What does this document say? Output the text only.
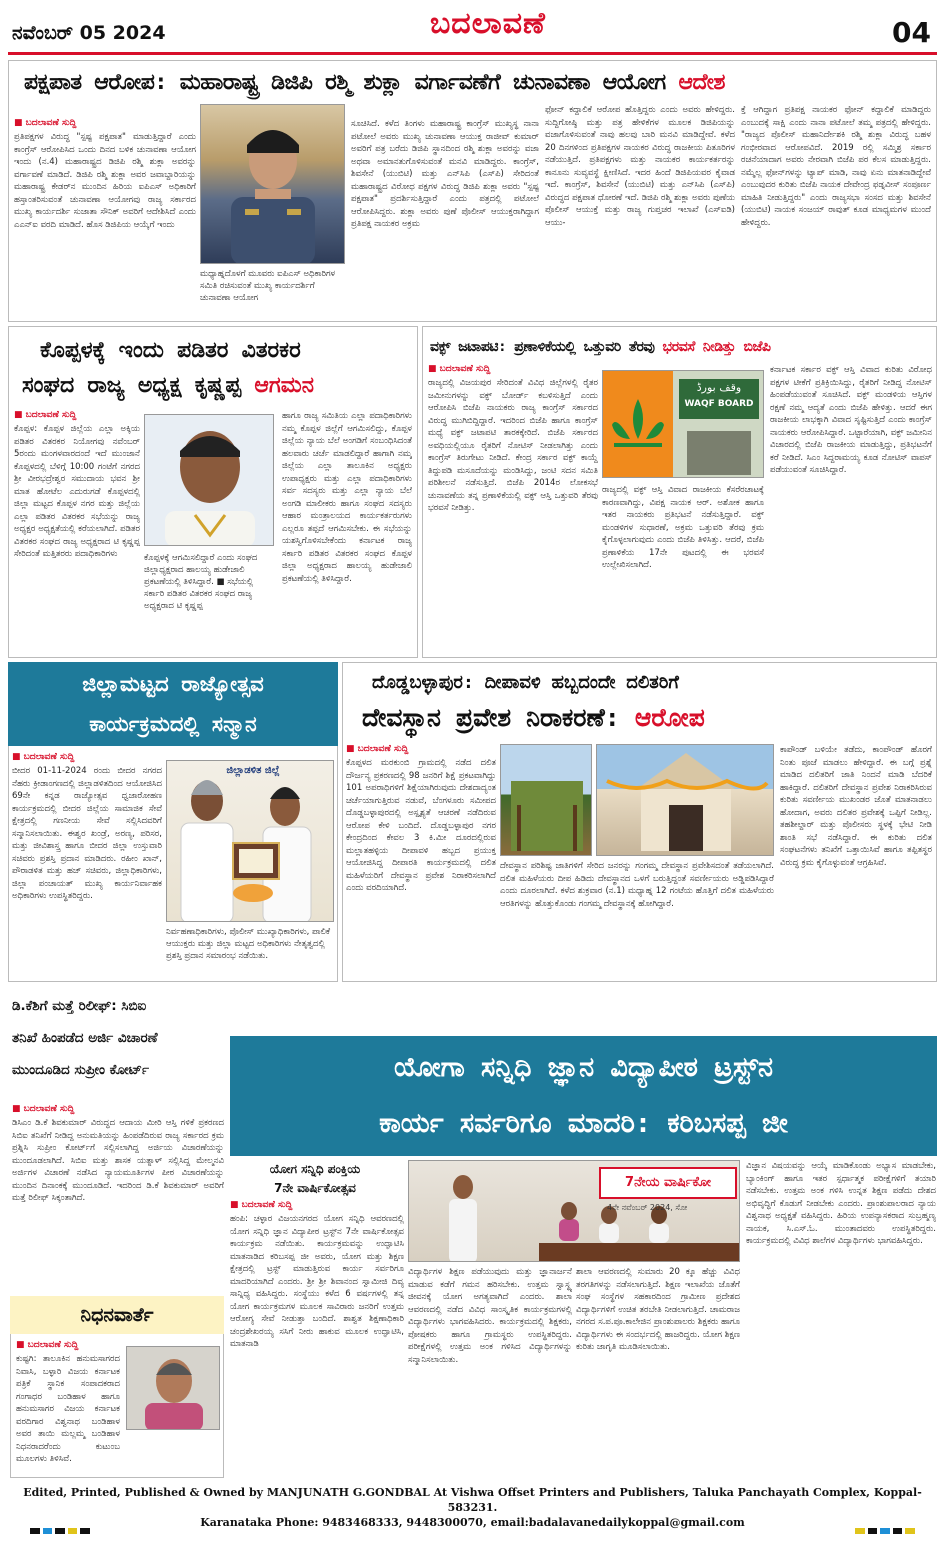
ನವೆಂಬರ್ 05 2024	ಬದಲಾವಣೆ	04
ಪಕ್ಷಪಾತ ಆರೋಪ: ಮಹಾರಾಷ್ಟ್ರ ಡಿಜಿಪಿ ರಶ್ಮಿ ಶುಕ್ಲಾ ವರ್ಗಾವಣೆಗೆ ಚುನಾವಣಾ ಆಯೋಗ ಆದೇಶ
■ ಬದಲಾವಣೆ ಸುದ್ದಿ
ಪ್ರತಿಪಕ್ಷಗಳ ವಿರುದ್ಧ "ಸ್ಪಷ್ಟ ಪಕ್ಷಪಾತ" ಮಾಡುತ್ತಿದ್ದಾರೆ ಎಂದು ಕಾಂಗ್ರೆಸ್ ಆರೋಪಿಸಿದ ಒಂದು ದಿನದ ಬಳಿಕ ಚುನಾವಣಾ ಆಯೋಗ ಇಂದು (ನ.4) ಮಹಾರಾಷ್ಟ್ರದ ಡಿಜಿಪಿ ರಶ್ಮಿ ಶುಕ್ಲಾ ಅವರನ್ನು ವರ್ಗಾವಣೆ ಮಾಡಿದೆ. ಡಿಜಿಪಿ ರಶ್ಮಿ ಶುಕ್ಲಾ ಅವರ ಜವಾಬ್ದಾರಿಯನ್ನು ಮಹಾರಾಷ್ಟ್ರ ಕೇಡರ್‌ನ ಮುಂದಿನ ಹಿರಿಯ ಐಪಿಎಸ್ ಅಧಿಕಾರಿಗೆ ಹಸ್ತಾಂತರಿಸುವಂತೆ ಚುನಾವಣಾ ಆಯೋಗವು ರಾಜ್ಯ ಸರ್ಕಾರದ ಮುಖ್ಯ ಕಾರ್ಯದರ್ಶಿ ಸುಜಾತಾ ಸೌನಿಕ್ ಅವರಿಗೆ ಆದೇಶಿಸಿದೆ ಎಂದು ಎಎನ್ಐ ವರದಿ ಮಾಡಿದೆ. ಹೊಸ ಡಿಜಿಪಿಯ ಆಯ್ಕೆಗೆ ಇಂದು
ಮಧ್ಯಾಹ್ನದೊಳಗೆ ಮೂವರು ಐಪಿಎಸ್ ಅಧಿಕಾರಿಗಳ ಸಮಿತಿ ರಚಿಸುವಂತೆ ಮುಖ್ಯ ಕಾರ್ಯದರ್ಶಿಗೆ ಚುನಾವಣಾ ಆಯೋಗ
ಸೂಚಿಸಿದೆ. ಕಳೆದ ತಿಂಗಳು ಮಹಾರಾಷ್ಟ್ರ ಕಾಂಗ್ರೆಸ್ ಮುಖ್ಯಸ್ಥ ನಾನಾ ಪಟೋಲೆ ಅವರು ಮುಖ್ಯ ಚುನಾವಣಾ ಆಯುಕ್ತ ರಾಜೀವ್ ಕುಮಾರ್ ಅವರಿಗೆ ಪತ್ರ ಬರೆದು ಡಿಜಿಪಿ ಸ್ಥಾನದಿಂದ ರಶ್ಮಿ ಶುಕ್ಲಾ ಅವರನ್ನು ವಜಾ ಅಥವಾ ಅಮಾನತುಗೊಳಿಸುವಂತೆ ಮನವಿ ಮಾಡಿದ್ದರು. ಕಾಂಗ್ರೆಸ್, ಶಿವಸೇನೆ (ಯುಬಿಟಿ) ಮತ್ತು ಎನ್‌ಸಿಪಿ (ಎಸ್‌ಪಿ) ಸೇರಿದಂತೆ ಮಹಾರಾಷ್ಟ್ರದ ವಿರೋಧ ಪಕ್ಷಗಳ ವಿರುದ್ಧ ಡಿಜಿಪಿ ಶುಕ್ಲಾ ಅವರು "ಸ್ಪಷ್ಟ ಪಕ್ಷಪಾತ" ಪ್ರದರ್ಶಿಸುತ್ತಿದ್ದಾರೆ ಎಂದು ಪತ್ರದಲ್ಲಿ ಪಟೋಲೆ ಆರೋಪಿಸಿದ್ದರು. ಶುಕ್ಲಾ ಅವರು ಪುಣೆ ಪೊಲೀಸ್ ಆಯುಕ್ತರಾಗಿದ್ದಾಗ ಪ್ರತಿಪಕ್ಷ ನಾಯಕರ ಅಕ್ರಮ
ಫೋನ್ ಕದ್ದಾಲಿಕೆ ಆರೋಪ ಹೊತ್ತಿದ್ದರು ಎಂದು ಅವರು ಹೇಳಿದ್ದರು. ಸುದ್ದಿಗೋಷ್ಠಿ ಮತ್ತು ಪತ್ರ ಹೇಳಿಕೆಗಳ ಮೂಲಕ ಡಿಜಿಪಿಯನ್ನು ವಜಾಗೊಳಿಸುವಂತೆ ನಾವು ಹಲವು ಬಾರಿ ಮನವಿ ಮಾಡಿದ್ದೇವೆ. ಕಳೆದ 20 ದಿನಗಳಿಂದ ಪ್ರತಿಪಕ್ಷಗಳ ನಾಯಕರ ವಿರುದ್ಧ ರಾಜಕೀಯ ಪಿತೂರಿಗಳ ನಡೆಯುತ್ತಿದೆ. ಪ್ರತಿಪಕ್ಷಗಳು ಮತ್ತು ನಾಯಕರ ಕಾರ್ಯಕರ್ತರನ್ನು ಕಾನೂನು ಸುವ್ಯವಸ್ಥೆ ಕ್ಷೀಣಿಸಿದೆ. ಇದರ ಹಿಂದೆ ಡಿಜಿಪಿಯವರ ಕೈವಾಡ ಇದೆ. ಕಾಂಗ್ರೆಸ್, ಶಿವಸೇನೆ (ಯುಬಿಟಿ) ಮತ್ತು ಎನ್‌ಸಿಪಿ (ಎಸ್‌ಪಿ) ವಿರುದ್ಧದ ಪಕ್ಷಪಾತ ಧೋರಣೆ ಇದೆ. ಡಿಜಿಪಿ ರಶ್ಮಿ ಶುಕ್ಲಾ ಅವರು ಪುಣೆಯ ಪೊಲೀಸ್ ಆಯುಕ್ತೆ ಮತ್ತು ರಾಜ್ಯ ಗುಪ್ತಚರ ಇಲಾಖೆ (ಎಸ್‌ಐಡಿ) ಆಯು-
ಕ್ತೆ ಆಗಿದ್ದಾಗ ಪ್ರತಿಪಕ್ಷ ನಾಯಕರ ಫೋನ್ ಕದ್ದಾಲಿಕೆ ಮಾಡಿದ್ದರು ಎಂಬುದಕ್ಕೆ ಸಾಕ್ಷಿ ಎಂದು ನಾನಾ ಪಟೋಲೆ ತಮ್ಮ ಪತ್ರದಲ್ಲಿ ಹೇಳಿದ್ದರು. "ರಾಜ್ಯದ ಪೊಲೀಸ್ ಮಹಾನಿರ್ದೇಶಕಿ ರಶ್ಮಿ ಶುಕ್ಲಾ ವಿರುದ್ಧ ಬಹಳ ಗಂಭೀರವಾದ ಆರೋಪವಿದೆ. 2019 ರಲ್ಲಿ ಸಮ್ಮಿಶ್ರ ಸರ್ಕಾರ ರಚನೆಯಾದಾಗ ಅವರು ನೇರವಾಗಿ ಬಿಜೆಪಿ ಪರ ಕೆಲಸ ಮಾಡುತ್ತಿದ್ದರು. ನಮ್ಮೆಲ್ಲ ಫೋನ್‌ಗಳನ್ನು ಟ್ಯಾಪ್ ಮಾಡಿ, ನಾವು ಏನು ಮಾತನಾಡಿದ್ದೇವೆ ಎಂಬುವುದರ ಕುರಿತು ಬಿಜೆಪಿ ನಾಯಕ ದೇವೇಂದ್ರ ಫಡ್ನವೀಸ್ ಸಂಪೂರ್ಣ ಮಾಹಿತಿ ನೀಡುತ್ತಿದ್ದರು" ಎಂದು ರಾಜ್ಯಸಭಾ ಸಂಸದ ಮತ್ತು ಶಿವಸೇನೆ (ಯುಬಿಟಿ) ನಾಯಕ ಸಂಜಯ್ ರಾವುತ್ ಕೂಡ ಮಾಧ್ಯಮಗಳ ಮುಂದೆ ಹೇಳಿದ್ದರು.
ಕೊಪ್ಪಳಕ್ಕೆ ಇಂದು ಪಡಿತರ ವಿತರಕರ
ಸಂಘದ ರಾಜ್ಯ ಅಧ್ಯಕ್ಷ ಕೃಷ್ಣಪ್ಪ ಆಗಮನ
■ ಬದಲಾವಣೆ ಸುದ್ದಿ
ಕೊಪ್ಪಳ: ಕೊಪ್ಪಳ ಜಿಲ್ಲೆಯ ಎಲ್ಲಾ ಅಕ್ಕಿಯ ಪಡಿತರ ವಿತರಕರ ನಿಯೋಗವು ನವೆಂಬರ್ 5ರಂದು ಮಂಗಳವಾರದಂದೆ ಇದೆ ಮುಂಜಾನೆ ಕೊಪ್ಪಳದಲ್ಲಿ ಬೆಳಿಗ್ಗೆ 10:00 ಗಂಟೆಗೆ ನಗರದ ಶ್ರೀ ವೀರಭದ್ರೇಶ್ವರ ಸಮುದಾಯ ಭವನ ಶ್ರೀ ಮಾತ ಹೋಟೆಲ ಎದುರುಗಡೆ ಕೊಪ್ಪಳದಲ್ಲಿ ಜಿಲ್ಲಾ ಮಟ್ಟದ ಕೊಪ್ಪಳ ನಗರ ಮತ್ತು ಜಿಲ್ಲೆಯ ಎಲ್ಲಾ ಪಡಿತರ ವಿತರಕರ ಸಭೆಯನ್ನು ರಾಜ್ಯ ಅಧ್ಯಕ್ಷರ ಅಧ್ಯಕ್ಷತೆಯಲ್ಲಿ ಕರೆಯಲಾಗಿದೆ. ಪಡಿತರ ವಿತರಕರ ಸಂಘದ ರಾಜ್ಯ ಅಧ್ಯಕ್ಷರಾದ ಟಿ ಕೃಷ್ಣಪ್ಪ ಸೇರಿದಂತೆ ಮತ್ತಿತರರು ಪದಾಧಿಕಾರಿಗಳು	ಕೊಪ್ಪಳಕ್ಕೆ ಆಗಮಿಸಲಿದ್ದಾರೆ ಎಂದು ಸಂಘದ ಜಿಲ್ಲಾಧ್ಯಕ್ಷರಾದ ಹಾಲಯ್ಯ ಹುಡೇಜಾಲಿ ಪ್ರಕಟಣೆಯಲ್ಲಿ ತಿಳಿಸಿದ್ದಾರೆ. ■ ಸಭೆಯಲ್ಲಿ ಸರ್ಕಾರಿ ಪಡಿತರ ವಿತರಕರ ಸಂಘದ ರಾಜ್ಯ ಅಧ್ಯಕ್ಷರಾದ ಟಿ ಕೃಷ್ಣಪ್ಪ
ಹಾಗೂ ರಾಜ್ಯ ಸಮಿತಿಯ ಎಲ್ಲಾ ಪದಾಧಿಕಾರಿಗಳು ನಮ್ಮ ಕೊಪ್ಪಳ ಜಿಲ್ಲೆಗೆ ಆಗಮಿಸಲಿದ್ದು, ಕೊಪ್ಪಳ ಜಿಲ್ಲೆಯ ನ್ಯಾಯ ಬೆಲೆ ಅಂಗಡಿಗೆ ಸಂಬಂಧಿಸಿದಂತೆ ಹಲವಾರು ಚರ್ಚೆ ಮಾಡಲಿದ್ದಾರೆ ಹಾಗಾಗಿ ನಮ್ಮ ಜಿಲ್ಲೆಯ ಎಲ್ಲಾ ತಾಲೂಕಿನ ಅಧ್ಯಕ್ಷರು ಉಪಾಧ್ಯಕ್ಷರು ಮತ್ತು ಎಲ್ಲಾ ಪದಾಧಿಕಾರಿಗಳು ಸರ್ವ ಸದಸ್ಯರು ಮತ್ತು ಎಲ್ಲಾ ನ್ಯಾಯ ಬೆಲೆ ಅಂಗಡಿ ಮಾಲೀಕರು ಹಾಗೂ ಸಂಘದ ಸದಸ್ಯರು ಆಹಾರ ಮಂತ್ರಾಲಯದ ಕಾರ್ಯಕರ್ತರುಗಳು ಎಲ್ಲರೂ ತಪ್ಪದೆ ಆಗಮಿಸಬೇಕು. ಈ ಸಭೆಯನ್ನು ಯಶಸ್ವಿಗೊಳಿಸಬೇಕೆಂದು ಕರ್ನಾಟಕ ರಾಜ್ಯ ಸರ್ಕಾರಿ ಪಡಿತರ ವಿತರಕರ ಸಂಘದ ಕೊಪ್ಪಳ ಜಿಲ್ಲಾ ಅಧ್ಯಕ್ಷರಾದ ಹಾಲಯ್ಯ ಹುಡೇಜಾಲಿ ಪ್ರಕಟಣೆಯಲ್ಲಿ ತಿಳಿಸಿದ್ದಾರೆ.
ವಕ್ಫ್ ಜಟಾಪಟಿ: ಪ್ರಣಾಳಿಕೆಯಲ್ಲಿ ಒತ್ತುವರಿ ತೆರವು ಭರವಸೆ ನೀಡಿತ್ತು ಬಿಜೆಪಿ
■ ಬದಲಾವಣೆ ಸುದ್ದಿ
ರಾಜ್ಯದಲ್ಲಿ ವಿಜಯಪುರ ಸೇರಿದಂತೆ ವಿವಿಧ ಜಿಲ್ಲೆಗಳಲ್ಲಿ ರೈತರ ಜಮೀನುಗಳನ್ನು ವಕ್ಫ್ ಬೋರ್ಡ್ ಕಬಳಿಸುತ್ತಿದೆ ಎಂದು ಆರೋಪಿಸಿ ಬಿಜೆಪಿ ನಾಯಕರು ರಾಜ್ಯ ಕಾಂಗ್ರೆಸ್ ಸರ್ಕಾರದ ವಿರುದ್ಧ ಮುಗಿಬಿದ್ದಿದ್ದಾರೆ. ಇದರಿಂದ ಬಿಜೆಪಿ ಹಾಗೂ ಕಾಂಗ್ರೆಸ್ ಮಧ್ಯೆ ವಕ್ಫ್ ಜಟಾಪಟಿ ತಾರಕಕ್ಕೇರಿದೆ. ಬಿಜೆಪಿ ಸರ್ಕಾರದ ಅವಧಿಯಲ್ಲಿಯೂ ರೈತರಿಗೆ ನೋಟಿಸ್ ನೀಡಲಾಗಿತ್ತು ಎಂದು ಕಾಂಗ್ರೆಸ್ ತಿರುಗೇಟು ನೀಡಿದೆ. ಕೇಂದ್ರ ಸರ್ಕಾರ ವಕ್ಫ್ ಕಾಯ್ದೆ ತಿದ್ದುಪಡಿ ಮಸೂದೆಯನ್ನು ಮಂಡಿಸಿದ್ದು, ಜಂಟಿ ಸದನ ಸಮಿತಿ ಪರಿಶೀಲನೆ ನಡೆಸುತ್ತಿದೆ. ಬಿಜೆಪಿ 2014ರ ಲೋಕಸಭೆ ಚುನಾವಣೆಯ ತನ್ನ ಪ್ರಣಾಳಿಕೆಯಲ್ಲಿ ವಕ್ಫ್ ಆಸ್ತಿ ಒತ್ತುವರಿ ತೆರವು ಭರವಸೆ ನೀಡಿತ್ತು.
وقف بورڈ
WAQF BOARD
ರಾಜ್ಯದಲ್ಲಿ ವಕ್ಫ್ ಆಸ್ತಿ ವಿವಾದ ರಾಜಕೀಯ ಕೆಸರೆರಚಾಟಕ್ಕೆ ಕಾರಣವಾಗಿದ್ದು, ವಿಪಕ್ಷ ನಾಯಕ ಆರ್. ಅಶೋಕ ಹಾಗೂ ಇತರ ನಾಯಕರು ಪ್ರತಿಭಟನೆ ನಡೆಸುತ್ತಿದ್ದಾರೆ. ವಕ್ಫ್ ಮಂಡಳಿಗಳ ಸುಧಾರಣೆ, ಅಕ್ರಮ ಒತ್ತುವರಿ ತೆರವು ಕ್ರಮ ಕೈಗೊಳ್ಳಲಾಗುವುದು ಎಂದು ಬಿಜೆಪಿ ತಿಳಿಸಿತ್ತು. ಆದರೆ, ಬಿಜೆಪಿ ಪ್ರಣಾಳಿಕೆಯ 17ನೇ ಪುಟದಲ್ಲಿ ಈ ಭರವಸೆ ಉಲ್ಲೇಖಿಸಲಾಗಿದೆ.
ಕರ್ನಾಟಕ ಸರ್ಕಾರ ವಕ್ಫ್ ಆಸ್ತಿ ವಿವಾದ ಕುರಿತು ವಿರೋಧ ಪಕ್ಷಗಳ ಟೀಕೆಗೆ ಪ್ರತಿಕ್ರಿಯಿಸಿದ್ದು, ರೈತರಿಗೆ ನೀಡಿದ್ದ ನೋಟಿಸ್ ಹಿಂಪಡೆಯುವಂತೆ ಸೂಚಿಸಿದೆ. ವಕ್ಫ್ ಮಂಡಳಿಯ ಆಸ್ತಿಗಳ ರಕ್ಷಣೆ ನಮ್ಮ ಆದ್ಯತೆ ಎಂದು ಬಿಜೆಪಿ ಹೇಳಿತ್ತು. ಆದರೆ ಈಗ ರಾಜಕೀಯ ಲಾಭಕ್ಕಾಗಿ ವಿವಾದ ಸೃಷ್ಟಿಸುತ್ತಿದೆ ಎಂದು ಕಾಂಗ್ರೆಸ್ ನಾಯಕರು ಆರೋಪಿಸಿದ್ದಾರೆ. ಒಟ್ಟಾರೆಯಾಗಿ, ವಕ್ಫ್ ಜಮೀನಿನ ವಿಚಾರದಲ್ಲಿ ಬಿಜೆಪಿ ರಾಜಕೀಯ ಮಾಡುತ್ತಿದ್ದು, ಪ್ರತಿಭಟನೆಗೆ ಕರೆ ನೀಡಿದೆ. ಸಿಎಂ ಸಿದ್ದರಾಮಯ್ಯ ಕೂಡ ನೋಟಿಸ್ ವಾಪಸ್ ಪಡೆಯುವಂತೆ ಸೂಚಿಸಿದ್ದಾರೆ.
ಜಿಲ್ಲಾಮಟ್ಟದ ರಾಜ್ಯೋತ್ಸವ
ಕಾರ್ಯಕ್ರಮದಲ್ಲಿ ಸನ್ಮಾನ
■ ಬದಲಾವಣೆ ಸುದ್ದಿ
ಬೀದರ 01-11-2024 ರಂದು ಬೀದರ ನಗರದ ನೆಹರು ಕ್ರೀಡಾಂಗಣದಲ್ಲಿ ಜಿಲ್ಲಾಡಳಿತದಿಂದ ಆಯೋಜಿಸಿದ 69ನೇ ಕನ್ನಡ ರಾಜ್ಯೋತ್ಸವ ಧ್ವಜಾರೋಹಣ ಕಾರ್ಯಕ್ರಮದಲ್ಲಿ ಬೀದರ ಜಿಲ್ಲೆಯ ಸಾಮಾಜಿಕ ಸೇವೆ ಕ್ಷೇತ್ರದಲ್ಲಿ ಗಣನೀಯ ಸೇವೆ ಸಲ್ಲಿಸಿದವರಿಗೆ ಸನ್ಮಾನಿಸಲಾಯಿತು. ಈಶ್ವರ ಖಂಡ್ರೆ, ಅರಣ್ಯ, ಪರಿಸರ, ಮತ್ತು ಜೀವಿಶಾಸ್ತ್ರ ಹಾಗೂ ಬೀದರ ಜಿಲ್ಲಾ ಉಸ್ತುವಾರಿ ಸಚಿವರು ಪ್ರಶಸ್ತಿ ಪ್ರದಾನ ಮಾಡಿದರು. ರಹೀಂ ಖಾನ್, ಪೌರಾಡಳಿತ ಮತ್ತು ಹಜ್ ಸಚಿವರು, ಜಿಲ್ಲಾಧಿಕಾರಿಗಳು, ಜಿಲ್ಲಾ ಪಂಚಾಯತ್ ಮುಖ್ಯ ಕಾರ್ಯನಿರ್ವಾಹಕ ಅಧಿಕಾರಿಗಳು ಉಪಸ್ಥಿತರಿದ್ದರು.
ಜಿಲ್ಲಾಡಳಿತ ಜಿಲ್ಲೆ
ನಿರ್ವಹಣಾಧಿಕಾರಿಗಳು, ಪೊಲೀಸ್ ಮುಖ್ಯಾಧಿಕಾರಿಗಳು, ಪಾಲಿಕೆ ಆಯುಕ್ತರು ಮತ್ತು ಜಿಲ್ಲಾ ಮಟ್ಟದ ಅಧಿಕಾರಿಗಳು ನೇತೃತ್ವದಲ್ಲಿ ಪ್ರಶಸ್ತಿ ಪ್ರದಾನ ಸಮಾರಂಭ ನಡೆಯಿತು.
ದೊಡ್ಡಬಳ್ಳಾಪುರ: ದೀಪಾವಳಿ ಹಬ್ಬದಂದೇ ದಲಿತರಿಗೆ
ದೇವಸ್ಥಾನ ಪ್ರವೇಶ ನಿರಾಕರಣೆ: ಆರೋಪ
■ ಬದಲಾವಣೆ ಸುದ್ದಿ
ಕೊಪ್ಪಳದ ಮರಕುಂಬಿ ಗ್ರಾಮದಲ್ಲಿ ನಡೆದ ದಲಿತ ದೌರ್ಜನ್ಯ ಪ್ರಕರಣದಲ್ಲಿ 98 ಜನರಿಗೆ ಶಿಕ್ಷೆ ಪ್ರಕಟವಾಗಿದ್ದು 101 ಅಪರಾಧಿಗಳಿಗೆ ಶಿಕ್ಷೆಯಾಗಿರುವುದು ದೇಶದಾದ್ಯಂತ ಚರ್ಚೆಯಾಗುತ್ತಿರುವ ನಡುವೆ, ಬೆಂಗಳೂರು ಸಮೀಪದ ದೊಡ್ಡಬಳ್ಳಾಪುರದಲ್ಲಿ ಅಸ್ಪೃಶ್ಯತೆ ಆಚರಣೆ ನಡೆದಿರುವ ಆರೋಪ ಕೇಳಿ ಬಂದಿದೆ. ದೊಡ್ಡಬಳ್ಳಾಪುರ ನಗರ ಕೇಂದ್ರದಿಂದ ಕೇವಲ 3 ಕಿ.ಮೀ ದೂರದಲ್ಲಿರುವ ಮಲ್ಲಾತಹಳ್ಳಿಯ ದೀಪಾವಳಿ ಹಬ್ಬದ ಪ್ರಯುಕ್ತ ಆಯೋಜಿಸಿದ್ದ ದೀಪಾರತಿ ಕಾರ್ಯಕ್ರಮದಲ್ಲಿ ದಲಿತ ಮಹಿಳೆಯರಿಗೆ ದೇವಸ್ಥಾನ ಪ್ರವೇಶ ನಿರಾಕರಿಸಲಾಗಿದೆ ಎಂದು ವರದಿಯಾಗಿದೆ.
ದೇವಸ್ಥಾನ ಪರಿಶಿಷ್ಟ ಜಾತಿಗಳಿಗೆ ಸೇರಿದ ಜನರನ್ನು ಗಂಗಮ್ಮ ದೇವಸ್ಥಾನ ಪ್ರವೇಶಿಸದಂತೆ ತಡೆಯಲಾಗಿದೆ. ದಲಿತ ಮಹಿಳೆಯರು ದೀಪ ಹಿಡಿದು ದೇವಸ್ಥಾನದ ಒಳಗೆ ಬರುತ್ತಿದ್ದಂತೆ ಸವರ್ಣೀಯರು ಅಡ್ಡಿಪಡಿಸಿದ್ದಾರೆ ಎಂದು ದೂರಲಾಗಿದೆ. ಕಳೆದ ಶುಕ್ರವಾರ (ನ.1) ಮಧ್ಯಾಹ್ನ 12 ಗಂಟೆಯ ಹೊತ್ತಿಗೆ ದಲಿತ ಮಹಿಳೆಯರು ಆರತಿಗಳನ್ನು ಹೊತ್ತುಕೊಂಡು ಗಂಗಮ್ಮ ದೇವಸ್ಥಾನಕ್ಕೆ ಹೋಗಿದ್ದಾರೆ.
ಕಾಪೌಂಡ್ ಬಳಿಯೇ ತಡೆದು, ಕಾಂಪೌಂಡ್ ಹೊರಗೆ ನಿಂತು ಪೂಜೆ ಮಾಡಲು ಹೇಳಿದ್ದಾರೆ. ಈ ಬಗ್ಗೆ ಪ್ರಶ್ನೆ ಮಾಡಿದ ದಲಿತರಿಗೆ ಜಾತಿ ನಿಂದನೆ ಮಾಡಿ ಬೆದರಿಕೆ ಹಾಕಿದ್ದಾರೆ. ದಲಿತರಿಗೆ ದೇವಸ್ಥಾನ ಪ್ರವೇಶ ನಿರಾಕರಿಸಿರುವ ಕುರಿತು ಸವರ್ಣೀಯ ಮುಖಂಡರ ಜೊತೆ ಮಾತನಾಡಲು ಹೋದಾಗ, ಅವರು ದಲಿತರ ಪ್ರವೇಶಕ್ಕೆ ಒಪ್ಪಿಗೆ ನೀಡಿಲ್ಲ. ತಹಶೀಲ್ದಾರ್ ಮತ್ತು ಪೊಲೀಸರು ಸ್ಥಳಕ್ಕೆ ಭೇಟಿ ನೀಡಿ ಶಾಂತಿ ಸಭೆ ನಡೆಸಿದ್ದಾರೆ. ಈ ಕುರಿತು ದಲಿತ ಸಂಘಟನೆಗಳು ತನಿಖೆಗೆ ಒತ್ತಾಯಿಸಿವೆ ಹಾಗೂ ತಪ್ಪಿತಸ್ಥರ ವಿರುದ್ಧ ಕ್ರಮ ಕೈಗೊಳ್ಳುವಂತೆ ಆಗ್ರಹಿಸಿವೆ.
ಡಿ.ಕೆಶಿಗೆ ಮತ್ತೆ ರಿಲೀಫ್: ಸಿಬಿಐ
ತನಿಖೆ ಹಿಂಪಡೆದ ಅರ್ಜಿ ವಿಚಾರಣೆ
ಮುಂದೂಡಿದ ಸುಪ್ರೀಂ ಕೋರ್ಟ್
■ ಬದಲಾವಣೆ ಸುದ್ದಿ
ಡಿಸಿಎಂ ಡಿ.ಕೆ ಶಿವಕುಮಾರ್ ವಿರುದ್ಧದ ಆದಾಯ ಮೀರಿ ಆಸ್ತಿ ಗಳಿಕೆ ಪ್ರಕರಣದ ಸಿಬಿಐ ತನಿಖೆಗೆ ನೀಡಿದ್ದ ಅನುಮತಿಯನ್ನು ಹಿಂಪಡೆದಿರುವ ರಾಜ್ಯ ಸರ್ಕಾರದ ಕ್ರಮ ಪ್ರಶ್ನಿಸಿ ಸುಪ್ರೀಂ ಕೋರ್ಟ್‌ಗೆ ಸಲ್ಲಿಸಲಾಗಿದ್ದ ಅರ್ಜಿಯ ವಿಚಾರಣೆಯನ್ನು ಮುಂದೂಡಲಾಗಿದೆ. ಸಿಬಿಐ ಮತ್ತು ಶಾಸಕ ಯತ್ನಾಳ್ ಸಲ್ಲಿಸಿದ್ದ ಮೇಲ್ಮನವಿ ಅರ್ಜಿಗಳ ವಿಚಾರಣೆ ನಡೆಸಿದ ನ್ಯಾಯಮೂರ್ತಿಗಳ ಪೀಠ ವಿಚಾರಣೆಯನ್ನು ಮುಂದಿನ ದಿನಾಂಕಕ್ಕೆ ಮುಂದೂಡಿದೆ. ಇದರಿಂದ ಡಿ.ಕೆ ಶಿವಕುಮಾರ್ ಅವರಿಗೆ ಮತ್ತೆ ರಿಲೀಫ್ ಸಿಕ್ಕಂತಾಗಿದೆ.
ನಿಧನವಾರ್ತೆ
■ ಬದಲಾವಣೆ ಸುದ್ದಿ
ಕುಷ್ಟಗಿ: ತಾಲೂಕಿನ ಹನುಮಸಾಗರದ ನಿವಾಸಿ, ಬಳ್ಳಾರಿ ವಿಜಯ ಕರ್ನಾಟಕ ಪತ್ರಿಕೆ ಸ್ಥಾನಿಕ ಸಂಪಾದಕರಾದ ಗಂಗಾಧರ ಬಂಡಿಹಾಳ ಹಾಗೂ ಹನುಮಸಾಗರ ವಿಜಯ ಕರ್ನಾಟಕ ವರದಿಗಾರ ವಿಶ್ವನಾಥ ಬಂಡಿಹಾಳ ಅವರ ತಾಯಿ ಮಲ್ಲಮ್ಮ ಬಂಡಿಹಾಳ ನಿಧನರಾದರೆಂದು ಕುಟುಂಬ ಮೂಲಗಳು ತಿಳಿಸಿವೆ.
ಯೋಗಾ ಸನ್ನಿಧಿ ಜ್ಞಾನ ವಿದ್ಯಾಪೀಠ ಟ್ರಸ್ಟ್‌ನ
ಕಾರ್ಯ ಸರ್ವರಿಗೂ ಮಾದರಿ: ಕರಿಬಸಪ್ಪ ಜೀ
ಯೋಗ ಸನ್ನಿಧಿ ಪಂಕ್ತಿಯ
7ನೇ ವಾರ್ಷಿಕೋತ್ಸವ
■ ಬದಲಾವಣೆ ಸುದ್ದಿ
ಹಂಪಿ: ಚಳ್ಳಾರ ವಿಜಯನಗರದ ಯೋಗ ಸನ್ನಿಧಿ ಆವರಣದಲ್ಲಿ ಯೋಗ ಸನ್ನಿಧಿ ಜ್ಞಾನ ವಿದ್ಯಾಪೀಠ ಟ್ರಸ್ಟ್‌ನ 7ನೇ ವಾರ್ಷಿಕೋತ್ಸವ ಕಾರ್ಯಕ್ರಮ ನಡೆಯಿತು. ಕಾರ್ಯಕ್ರಮವನ್ನು ಉದ್ಘಾಟಿಸಿ ಮಾತನಾಡಿದ ಕರಿಬಸಪ್ಪ ಜೀ ಅವರು, ಯೋಗ ಮತ್ತು ಶಿಕ್ಷಣ ಕ್ಷೇತ್ರದಲ್ಲಿ ಟ್ರಸ್ಟ್ ಮಾಡುತ್ತಿರುವ ಕಾರ್ಯ ಸರ್ವರಿಗೂ ಮಾದರಿಯಾಗಿದೆ ಎಂದರು. ಶ್ರೀ ಶ್ರೀ ಶಿವಾನಂದ ಸ್ವಾಮೀಜಿ ದಿವ್ಯ ಸಾನ್ನಿಧ್ಯ ವಹಿಸಿದ್ದರು. ಸಂಸ್ಥೆಯು ಕಳೆದ 6 ವರ್ಷಗಳಲ್ಲಿ ತನ್ನ ಯೋಗ ಕಾರ್ಯಕ್ರಮಗಳ ಮೂಲಕ ಸಾವಿರಾರು ಜನರಿಗೆ ಉತ್ತಮ ಆರೋಗ್ಯ ಸೇವೆ ನೀಡುತ್ತಾ ಬಂದಿದೆ. ಶಾಶ್ವತ ಶಿಕ್ಷಣಾಧಿಕಾರಿ ಚಂದ್ರಶೇಖರಯ್ಯ ಸಸಿಗೆ ನೀರು ಹಾಕುವ ಮೂಲಕ ಉದ್ಘಾಟಿಸಿ, ಮಾತನಾಡಿ
7ನೇಯ ವಾರ್ಷಿಕೋ
4ನೇ ನವೆಂಬರ್ 2024, ಸೋ
ವಿದ್ಯಾರ್ಥಿಗಳ ಶಿಕ್ಷಣ ಪಡೆಯುವುದು ಮತ್ತು ಜ್ಞಾನಾರ್ಜನೆ ಮಾಡುವ ಕಡೆಗೆ ಗಮನ ಹರಿಸಬೇಕು. ಉತ್ತಮ ಸ್ವಾಸ್ಥ್ಯ ಜೀವನಕ್ಕೆ ಯೋಗ ಅಗತ್ಯವಾಗಿದೆ ಎಂದರು. ಶಾಲಾ ಆವರಣದಲ್ಲಿ ನಡೆದ ವಿವಿಧ ಸಾಂಸ್ಕೃತಿಕ ಕಾರ್ಯಕ್ರಮಗಳಲ್ಲಿ ವಿದ್ಯಾರ್ಥಿಗಳು ಭಾಗವಹಿಸಿದರು. ಕಾರ್ಯಕ್ರಮದಲ್ಲಿ ಶಿಕ್ಷಕರು, ಪೋಷಕರು ಹಾಗೂ ಗ್ರಾಮಸ್ಥರು ಉಪಸ್ಥಿತರಿದ್ದರು. ಪರೀಕ್ಷೆಗಳಲ್ಲಿ ಉತ್ತಮ ಅಂಕ ಗಳಿಸಿದ ವಿದ್ಯಾರ್ಥಿಗಳನ್ನು ಸನ್ಮಾನಿಸಲಾಯಿತು.
ಶಾಲಾ ಆವರಣದಲ್ಲಿ ಸುಮಾರು 20 ಕ್ಕೂ ಹೆಚ್ಚು ವಿವಿಧ ತರಗತಿಗಳನ್ನು ನಡೆಸಲಾಗುತ್ತಿದೆ. ಶಿಕ್ಷಣ ಇಲಾಖೆಯ ಜೊತೆಗೆ ಸಂಘ ಸಂಸ್ಥೆಗಳ ಸಹಕಾರದಿಂದ ಗ್ರಾಮೀಣ ಪ್ರದೇಶದ ವಿದ್ಯಾರ್ಥಿಗಳಿಗೆ ಉಚಿತ ತರಬೇತಿ ನೀಡಲಾಗುತ್ತಿದೆ. ಚಾಮರಾಜ ನಗರದ ಸ.ಪ.ಪೂ.ಕಾಲೇಜಿನ ಪ್ರಾಂಶುಪಾಲರು ಶಿಕ್ಷಕರು ಹಾಗೂ ವಿದ್ಯಾರ್ಥಿಗಳು ಈ ಸಂದರ್ಭದಲ್ಲಿ ಹಾಜರಿದ್ದರು. ಯೋಗ ಶಿಕ್ಷಣ ಕುರಿತು ಜಾಗೃತಿ ಮೂಡಿಸಲಾಯಿತು.
ವಿಜ್ಞಾನ ವಿಷಯವನ್ನು ಆಯ್ಕೆ ಮಾಡಿಕೊಂಡು ಅಭ್ಯಾಸ ಮಾಡಬೇಕು, ಬ್ಯಾಂಕಿಂಗ್ ಹಾಗೂ ಇತರ ಸ್ಪರ್ಧಾತ್ಮಕ ಪರೀಕ್ಷೆಗಳಿಗೆ ತಯಾರಿ ನಡೆಸಬೇಕು. ಉತ್ತಮ ಅಂಕ ಗಳಿಸಿ ಉನ್ನತ ಶಿಕ್ಷಣ ಪಡೆದು ದೇಶದ ಅಭಿವೃದ್ಧಿಗೆ ಕೊಡುಗೆ ನೀಡಬೇಕು ಎಂದರು. ಪ್ರಾಂಶುಪಾಲರಾದ ನ್ಯಾಯ ವಿಶ್ವನಾಥ ಅಧ್ಯಕ್ಷತೆ ವಹಿಸಿದ್ದರು. ಹಿರಿಯ ಉಪನ್ಯಾಸಕರಾದ ಸುಬ್ರಹ್ಮಣ್ಯ ನಾಯಕ, ಸಿ.ಎಸ್.ಓ. ಮುಂತಾದವರು ಉಪಸ್ಥಿತರಿದ್ದರು. ಕಾರ್ಯಕ್ರಮದಲ್ಲಿ ವಿವಿಧ ಶಾಲೆಗಳ ವಿದ್ಯಾರ್ಥಿಗಳು ಭಾಗವಹಿಸಿದ್ದರು.
Edited, Printed, Published & Owned by MANJUNATH G.GONDBAL At Vishwa Offset Printers and Publishers, Taluka Panchayath Complex, Koppal-583231.
Karanataka Phone: 9483468333, 9448300070, email:badalavanedailykoppal@gmail.com
